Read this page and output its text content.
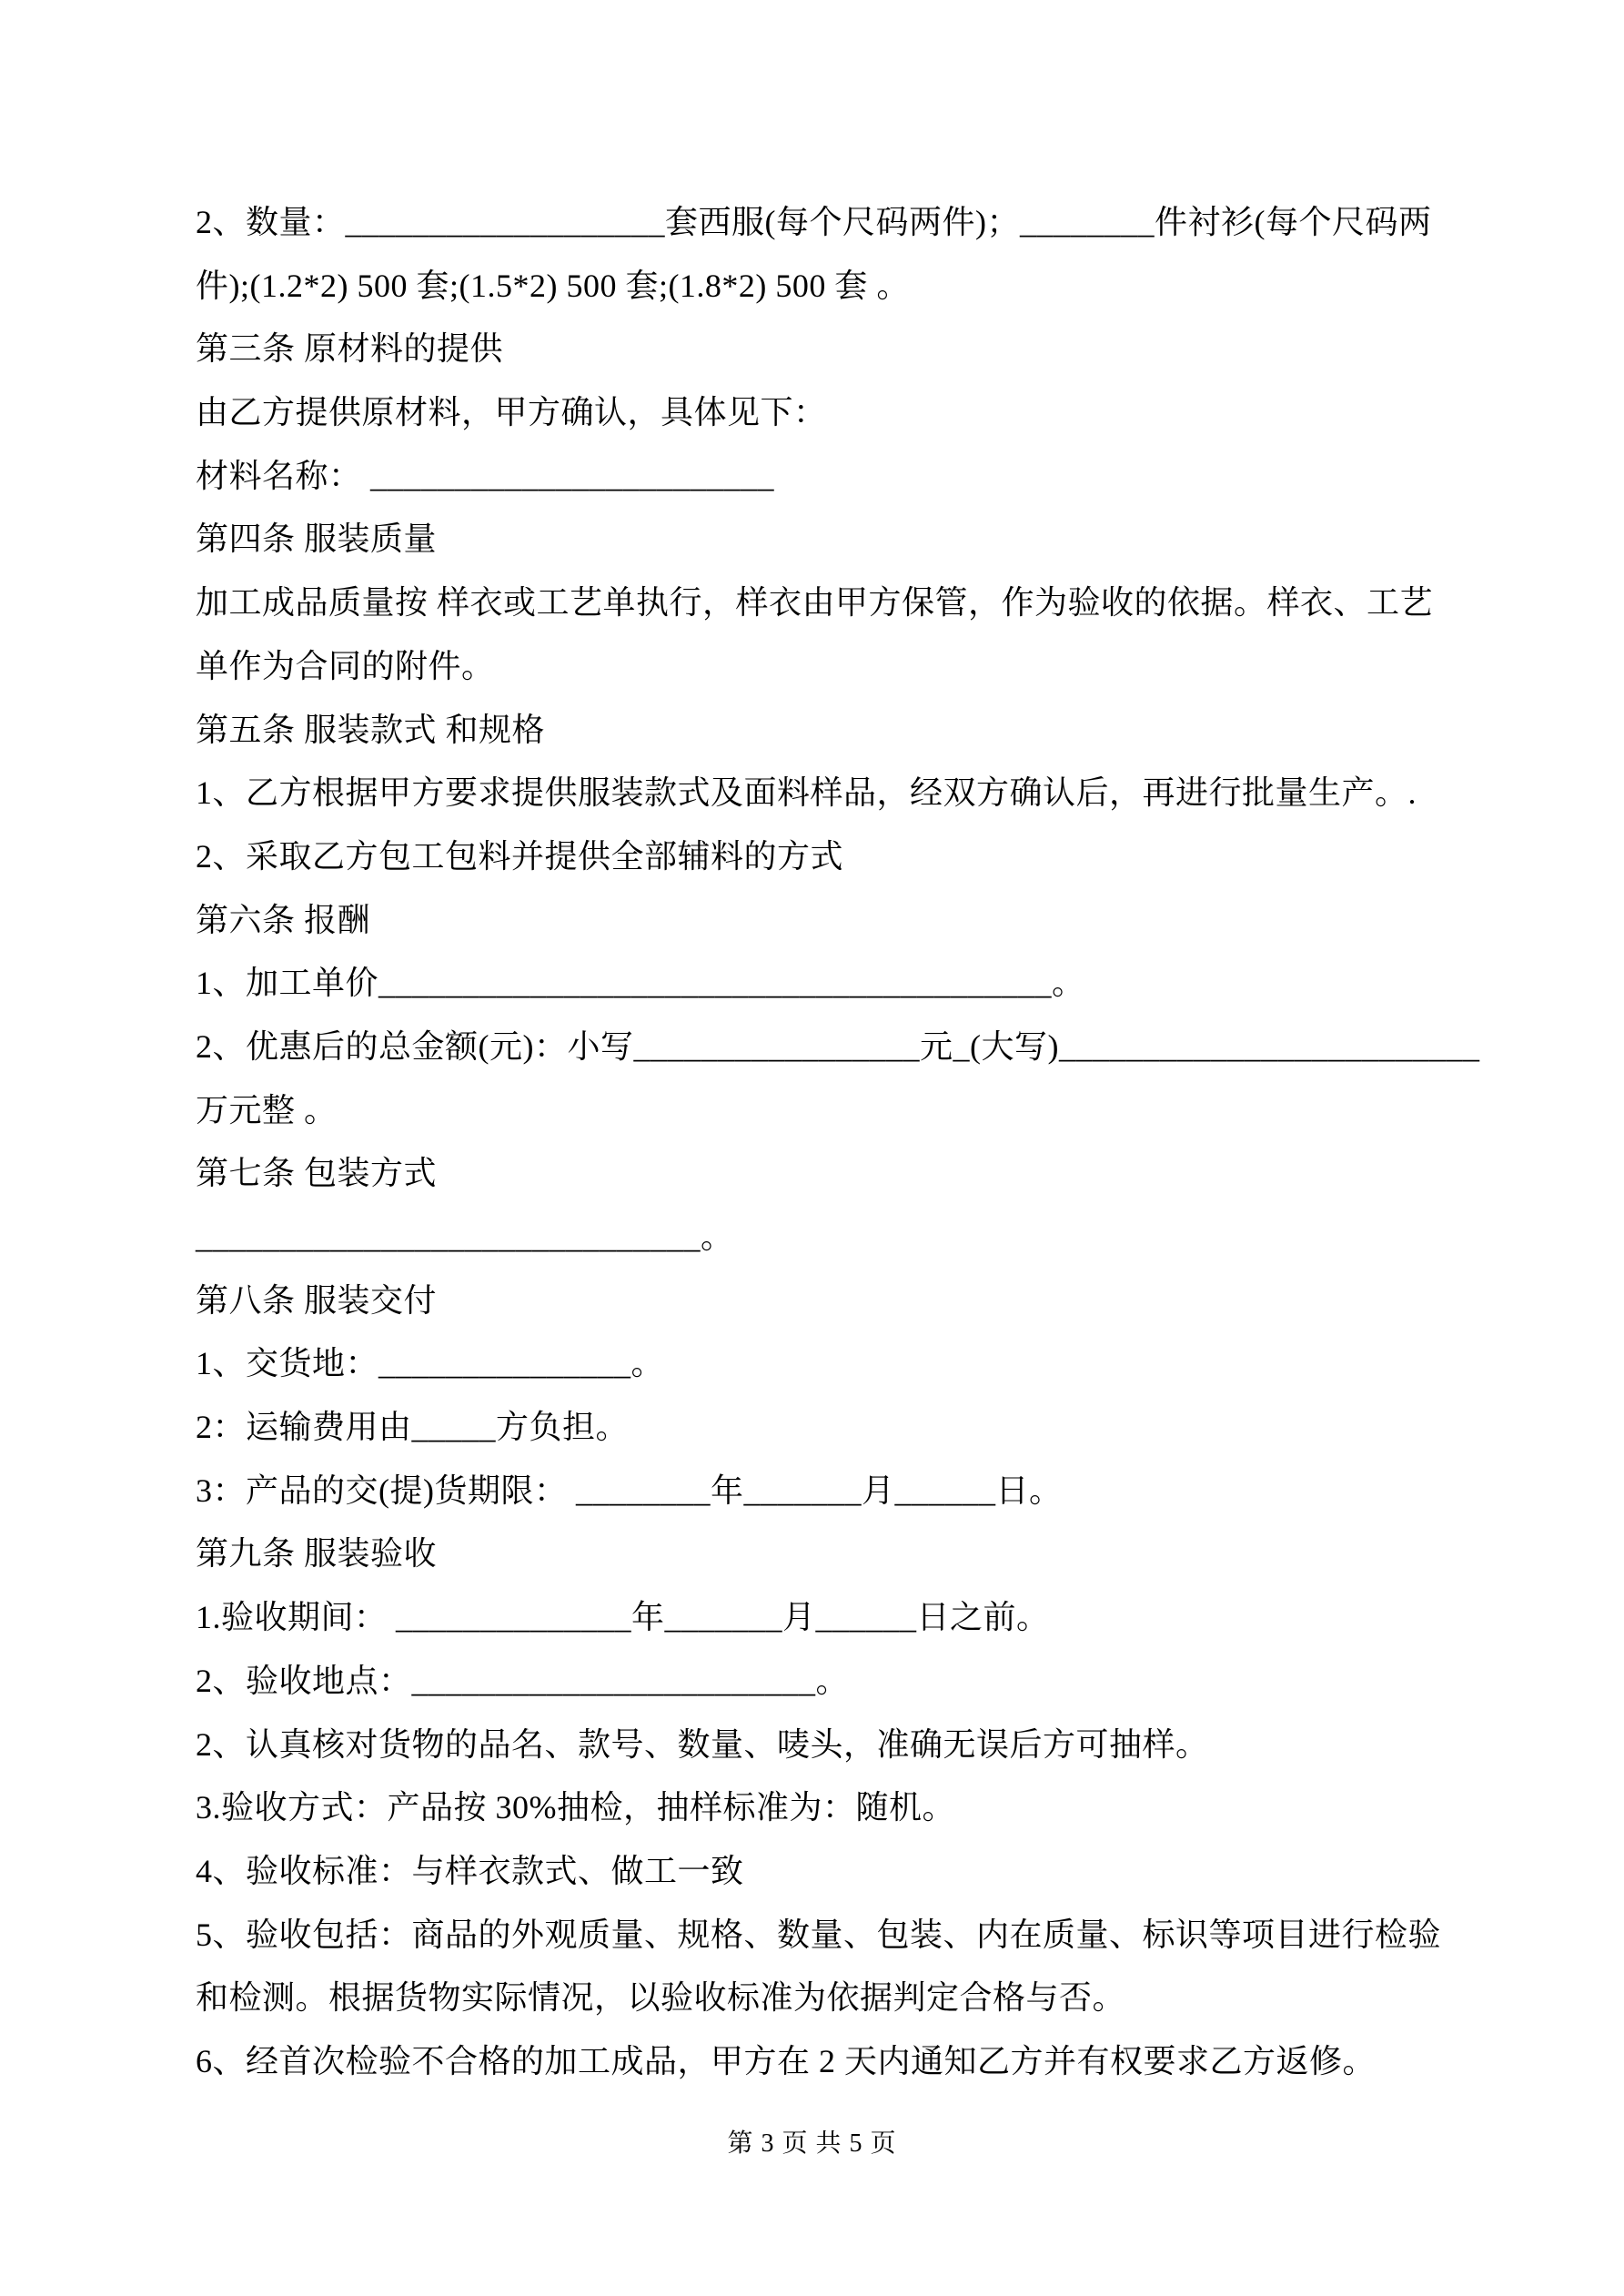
2、数量：___________________套西服(每个尺码两件)；________件衬衫(每个尺码两
件);(1.2*2) 500 套;(1.5*2) 500 套;(1.8*2) 500 套 。
第三条 原材料的提供
由乙方提供原材料，甲方确认，具体见下：
材料名称： ________________________
第四条 服装质量
加工成品质量按 样衣或工艺单执行，样衣由甲方保管，作为验收的依据。样衣、工艺
单作为合同的附件。
第五条 服装款式 和规格
1、乙方根据甲方要求提供服装款式及面料样品，经双方确认后，再进行批量生产。.
2、采取乙方包工包料并提供全部辅料的方式
第六条 报酬
1、加工单价________________________________________。
2、优惠后的总金额(元)：小写_________________元_(大写)_________________________
万元整 。
第七条 包装方式
______________________________。
第八条 服装交付
1、交货地：_______________。
2：运输费用由_____方负担。
3：产品的交(提)货期限： ________年_______月______日。
第九条 服装验收
1.验收期间： ______________年_______月______日之前。
2、验收地点：________________________。
2、认真核对货物的品名、款号、数量、唛头，准确无误后方可抽样。
3.验收方式：产品按 30%抽检，抽样标准为：随机。
4、验收标准：与样衣款式、做工一致
5、验收包括：商品的外观质量、规格、数量、包装、内在质量、标识等项目进行检验
和检测。根据货物实际情况，以验收标准为依据判定合格与否。
6、经首次检验不合格的加工成品，甲方在 2 天内通知乙方并有权要求乙方返修。
第 3 页 共 5 页
